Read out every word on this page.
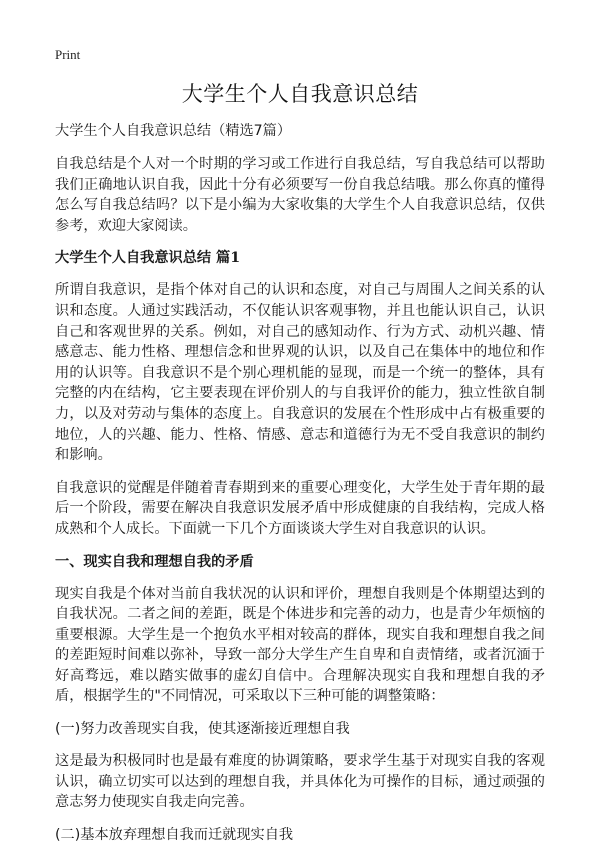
Print
大学生个人自我意识总结

大学生个人自我意识总结（精选7篇）

自我总结是个人对一个时期的学习或工作进行自我总结，写自我总结可以帮助我们正确地认识自我，因此十分有必须要写一份自我总结哦。那么你真的懂得怎么写自我总结吗？以下是小编为大家收集的大学生个人自我意识总结，仅供参考，欢迎大家阅读。

大学生个人自我意识总结 篇1

所谓自我意识，是指个体对自己的认识和态度，对自己与周围人之间关系的认识和态度。人通过实践活动，不仅能认识客观事物，并且也能认识自己，认识自己和客观世界的关系。例如，对自己的感知动作、行为方式、动机兴趣、情感意志、能力性格、理想信念和世界观的认识，以及自己在集体中的地位和作用的认识等。自我意识不是个别心理机能的显现，而是一个统一的整体，具有完整的内在结构，它主要表现在评价别人的与自我评价的能力，独立性欲自制力，以及对劳动与集体的态度上。自我意识的发展在个性形成中占有极重要的地位，人的兴趣、能力、性格、情感、意志和道德行为无不受自我意识的制约和影响。

自我意识的觉醒是伴随着青春期到来的重要心理变化，大学生处于青年期的最后一个阶段，需要在解决自我意识发展矛盾中形成健康的自我结构，完成人格成熟和个人成长。下面就一下几个方面谈谈大学生对自我意识的认识。

一、现实自我和理想自我的矛盾

现实自我是个体对当前自我状况的认识和评价，理想自我则是个体期望达到的自我状况。二者之间的差距，既是个体进步和完善的动力，也是青少年烦恼的重要根源。大学生是一个抱负水平相对较高的群体，现实自我和理想自我之间的差距短时间难以弥补，导致一部分大学生产生自卑和自责情绪，或者沉湎于好高骛远，难以踏实做事的虚幻自信中。合理解决现实自我和理想自我的矛盾，根据学生的"不同情况，可采取以下三种可能的调整策略：

(一)努力改善现实自我，使其逐渐接近理想自我

这是最为积极同时也是最有难度的协调策略，要求学生基于对现实自我的客观认识，确立切实可以达到的理想自我，并具体化为可操作的目标，通过顽强的意志努力使现实自我走向完善。

(二)基本放弃理想自我而迁就现实自我
